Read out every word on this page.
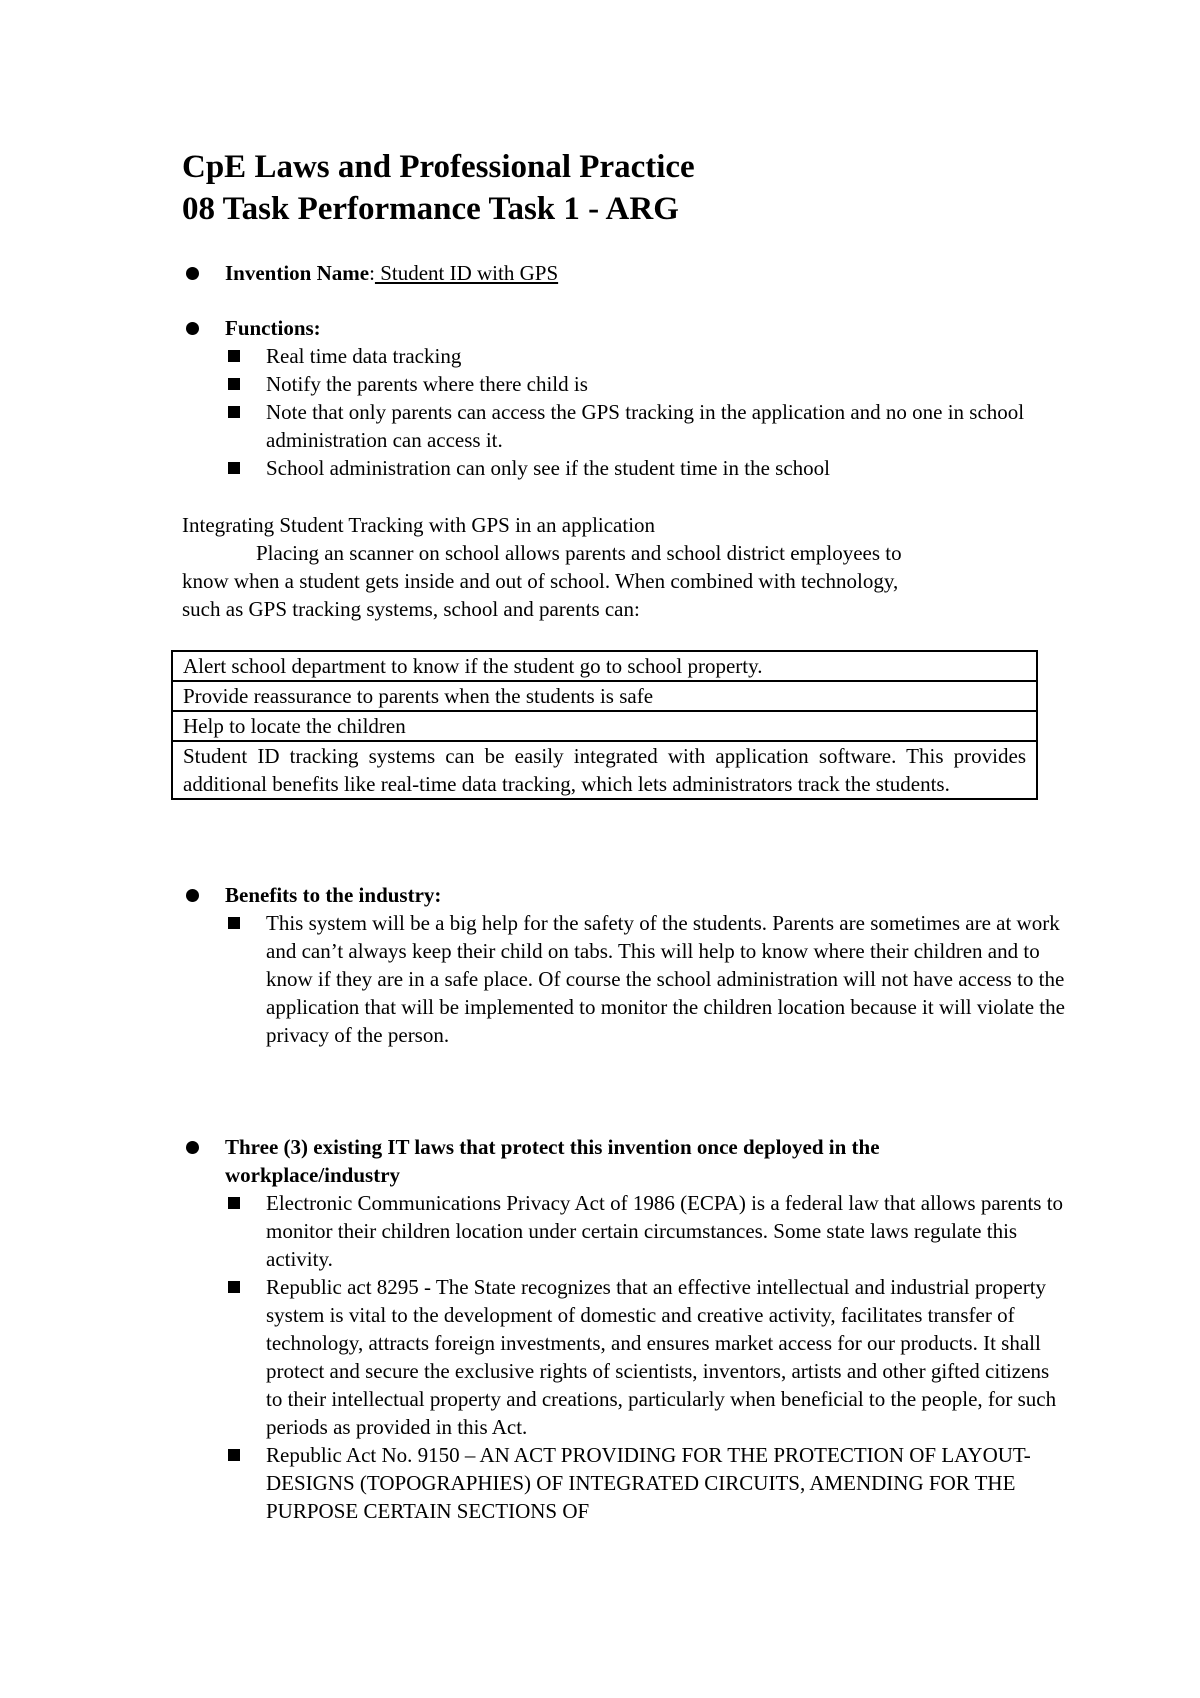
CpE Laws and Professional Practice
08 Task Performance Task 1 - ARG
Invention Name: Student ID with GPS
Functions:
Real time data tracking
Notify the parents where there child is
Note that only parents can access the GPS tracking in the application and no one in school administration can access it.
School administration can only see if the student time in the school
Integrating Student Tracking with GPS in an application
Placing an scanner on school allows parents and school district employees to
know when a student gets inside and out of school. When combined with technology,
such as GPS tracking systems, school and parents can:
Alert school department to know if the student go to school property.
Provide reassurance to parents when the students is safe
Help to locate the children
Student ID tracking systems can be easily integrated with application software. This provides additional benefits like real-time data tracking, which lets administrators track the students.
Benefits to the industry:
This system will be a big help for the safety of the students. Parents are sometimes are at work and can’t always keep their child on tabs. This will help to know where their children and to know if they are in a safe place. Of course the school administration will not have access to the application that will be implemented to monitor the children location because it will violate the privacy of the person.
Three (3) existing IT laws that protect this invention once deployed in the
workplace/industry
Electronic Communications Privacy Act of 1986 (ECPA) is a federal law that allows parents to monitor their children location under certain circumstances. Some state laws regulate this activity.
Republic act 8295 - The State recognizes that an effective intellectual and industrial property system is vital to the development of domestic and creative activity, facilitates transfer of technology, attracts foreign investments, and ensures market access for our products. It shall protect and secure the exclusive rights of scientists, inventors, artists and other gifted citizens to their intellectual property and creations, particularly when beneficial to the people, for such periods as provided in this Act.
Republic Act No. 9150 – AN ACT PROVIDING FOR THE PROTECTION OF LAYOUT-DESIGNS (TOPOGRAPHIES) OF INTEGRATED CIRCUITS, AMENDING FOR THE PURPOSE CERTAIN SECTIONS OF
